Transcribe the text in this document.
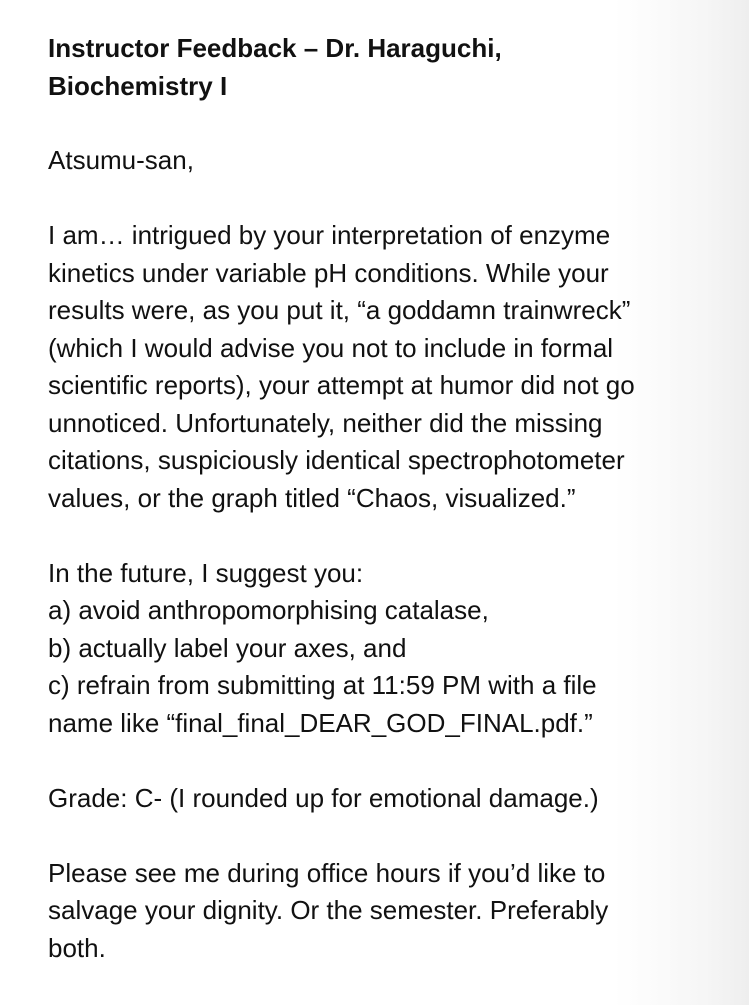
Instructor Feedback – Dr. Haraguchi,
Biochemistry I
Atsumu-san,
I am… intrigued by your interpretation of enzyme
kinetics under variable pH conditions. While your
results were, as you put it, “a goddamn trainwreck”
(which I would advise you not to include in formal
scientific reports), your attempt at humor did not go
unnoticed. Unfortunately, neither did the missing
citations, suspiciously identical spectrophotometer
values, or the graph titled “Chaos, visualized.”
In the future, I suggest you:
a) avoid anthropomorphising catalase,
b) actually label your axes, and
c) refrain from submitting at 11:59 PM with a file
name like “final_final_DEAR_GOD_FINAL.pdf.”
Grade: C- (I rounded up for emotional damage.)
Please see me during office hours if you’d like to
salvage your dignity. Or the semester. Preferably
both.
